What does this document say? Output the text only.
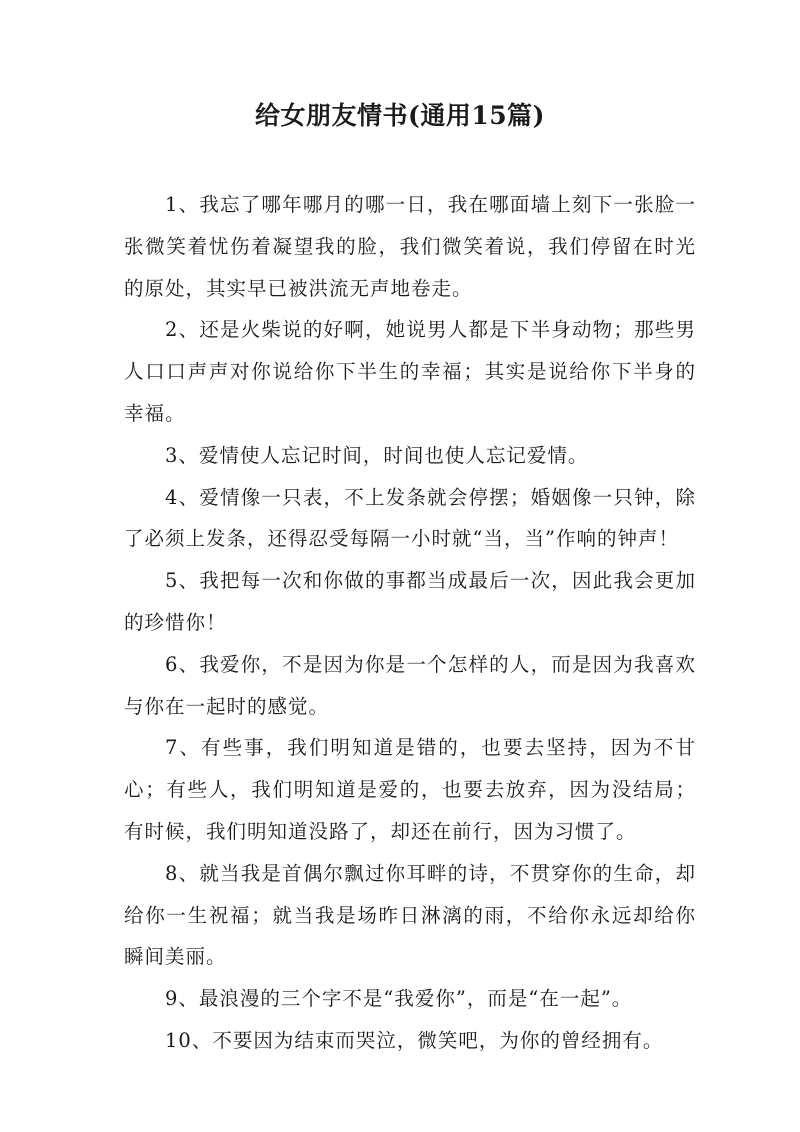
给女朋友情书(通用15篇)

1、我忘了哪年哪月的哪一日，我在哪面墙上刻下一张脸一张微笑着忧伤着凝望我的脸，我们微笑着说，我们停留在时光的原处，其实早已被洪流无声地卷走。

2、还是火柴说的好啊，她说男人都是下半身动物；那些男人口口声声对你说给你下半生的幸福；其实是说给你下半身的幸福。

3、爱情使人忘记时间，时间也使人忘记爱情。

4、爱情像一只表，不上发条就会停摆；婚姻像一只钟，除了必须上发条，还得忍受每隔一小时就“当，当”作响的钟声！

5、我把每一次和你做的事都当成最后一次，因此我会更加的珍惜你！

6、我爱你，不是因为你是一个怎样的人，而是因为我喜欢与你在一起时的感觉。

7、有些事，我们明知道是错的，也要去坚持，因为不甘心；有些人，我们明知道是爱的，也要去放弃，因为没结局；有时候，我们明知道没路了，却还在前行，因为习惯了。

8、就当我是首偶尔飘过你耳畔的诗，不贯穿你的生命，却给你一生祝福；就当我是场昨日淋漓的雨，不给你永远却给你瞬间美丽。

9、最浪漫的三个字不是“我爱你”，而是“在一起”。

10、不要因为结束而哭泣，微笑吧，为你的曾经拥有。
